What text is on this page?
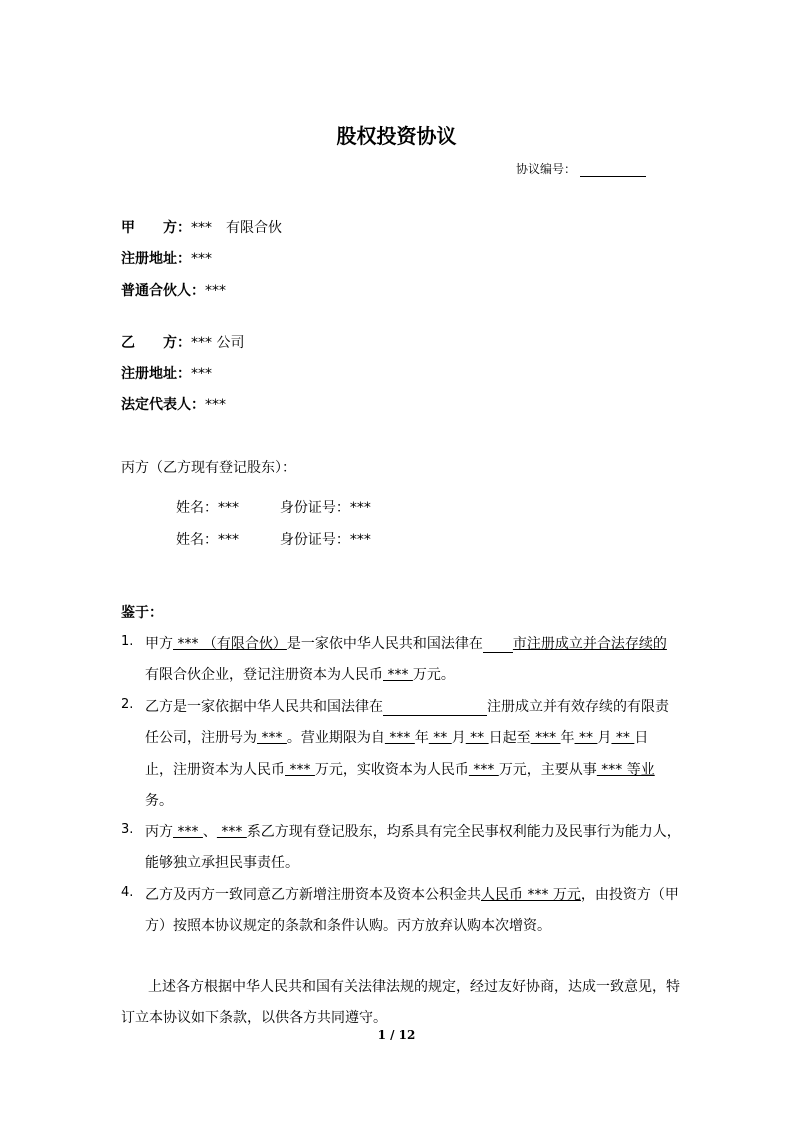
股权投资协议
协议编号：
甲　　方：***　有限合伙
注册地址：***
普通合伙人：***
乙　　方：*** 公司
注册地址：***
法定代表人：***
丙方（乙方现有登记股东）：
姓名：***	身份证号：***
姓名：***	身份证号：***
鉴于：
1. 甲方 *** （有限合伙）是一家依中华人民共和国法律在 市注册成立并合法存续的
有限合伙企业，登记注册资本为人民币 *** 万元。
2. 乙方是一家依据中华人民共和国法律在	注册成立并有效存续的有限责
任公司，注册号为 *** 。营业期限为自 *** 年 ** 月 ** 日起至 *** 年 ** 月 ** 日
止，注册资本为人民币 *** 万元，实收资本为人民币 *** 万元，主要从事 *** 等业
务。
3. 丙方 *** 、 *** 系乙方现有登记股东，均系具有完全民事权利能力及民事行为能力人，
能够独立承担民事责任。
4. 乙方及丙方一致同意乙方新增注册资本及资本公积金共人民币 *** 万元，由投资方（甲
方）按照本协议规定的条款和条件认购。丙方放弃认购本次增资。
上述各方根据中华人民共和国有关法律法规的规定，经过友好协商，达成一致意见，特
订立本协议如下条款，以供各方共同遵守。
1 / 12
